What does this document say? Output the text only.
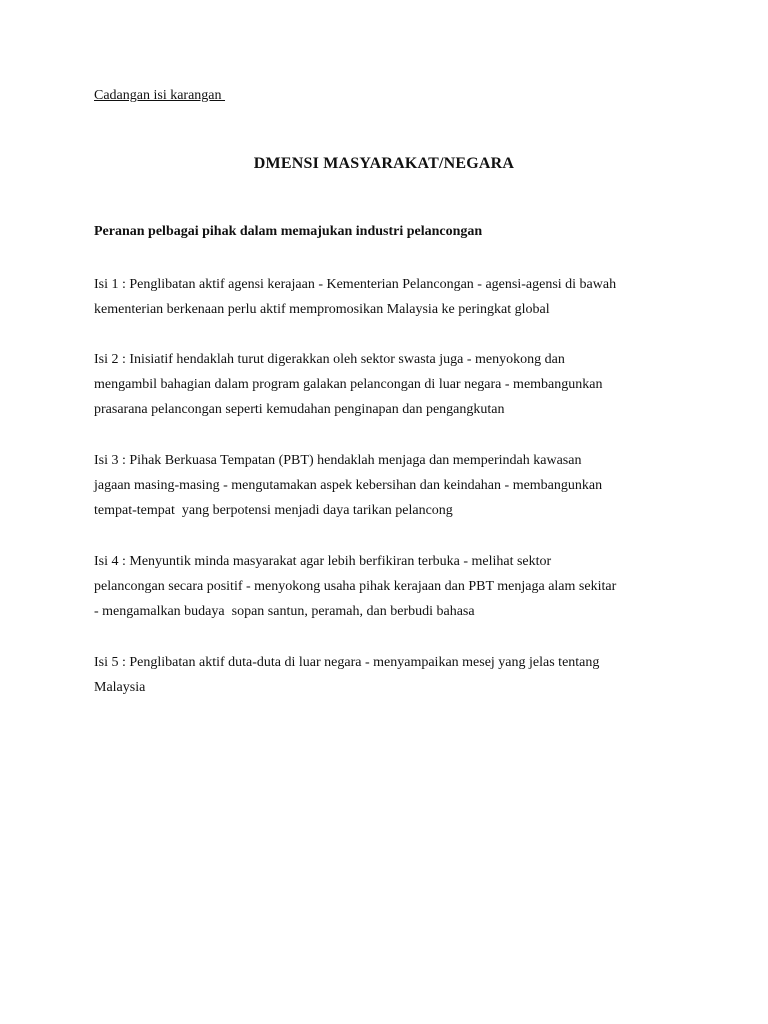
Cadangan isi karangan
DMENSI MASYARAKAT/NEGARA
Peranan pelbagai pihak dalam memajukan industri pelancongan
Isi 1 : Penglibatan aktif agensi kerajaan - Kementerian Pelancongan - agensi-agensi di bawah
kementerian berkenaan perlu aktif mempromosikan Malaysia ke peringkat global
Isi 2 : Inisiatif hendaklah turut digerakkan oleh sektor swasta juga - menyokong dan
mengambil bahagian dalam program galakan pelancongan di luar negara - membangunkan
prasarana pelancongan seperti kemudahan penginapan dan pengangkutan
Isi 3 : Pihak Berkuasa Tempatan (PBT) hendaklah menjaga dan memperindah kawasan
jagaan masing-masing - mengutamakan aspek kebersihan dan keindahan - membangunkan
tempat-tempat  yang berpotensi menjadi daya tarikan pelancong
Isi 4 : Menyuntik minda masyarakat agar lebih berfikiran terbuka - melihat sektor
pelancongan secara positif - menyokong usaha pihak kerajaan dan PBT menjaga alam sekitar
- mengamalkan budaya  sopan santun, peramah, dan berbudi bahasa
Isi 5 : Penglibatan aktif duta-duta di luar negara - menyampaikan mesej yang jelas tentang
Malaysia
